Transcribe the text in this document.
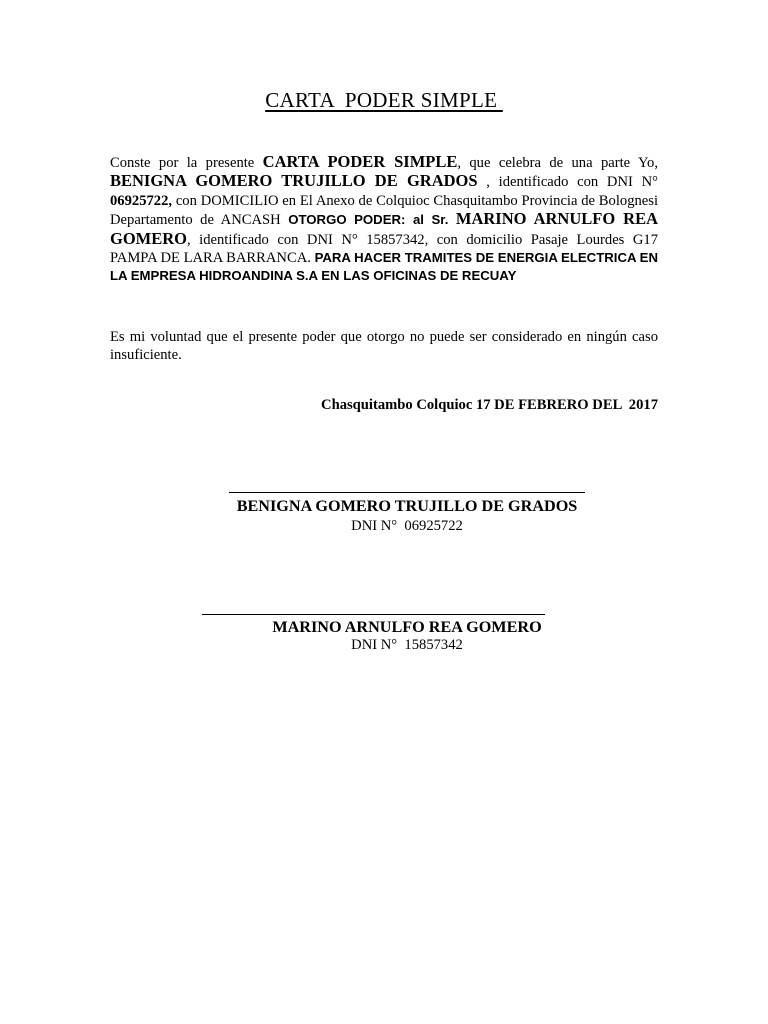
CARTA  PODER SIMPLE
Conste por la presente CARTA PODER SIMPLE, que celebra de una parte Yo, BENIGNA GOMERO TRUJILLO DE GRADOS , identificado con DNI N° 06925722, con DOMICILIO en El Anexo de Colquioc Chasquitambo Provincia de Bolognesi Departamento de ANCASH OTORGO PODER: al Sr. MARINO ARNULFO REA GOMERO, identificado con DNI N° 15857342, con domicilio Pasaje Lourdes G17 PAMPA DE LARA BARRANCA. PARA HACER TRAMITES DE ENERGIA ELECTRICA EN LA EMPRESA HIDROANDINA S.A EN LAS OFICINAS DE RECUAY
Es mi voluntad que el presente poder que otorgo no puede ser considerado en ningún caso insuficiente.
Chasquitambo Colquioc 17 DE FEBRERO DEL  2017
BENIGNA GOMERO TRUJILLO DE GRADOS
DNI N°  06925722
MARINO ARNULFO REA GOMERO
DNI N°  15857342
